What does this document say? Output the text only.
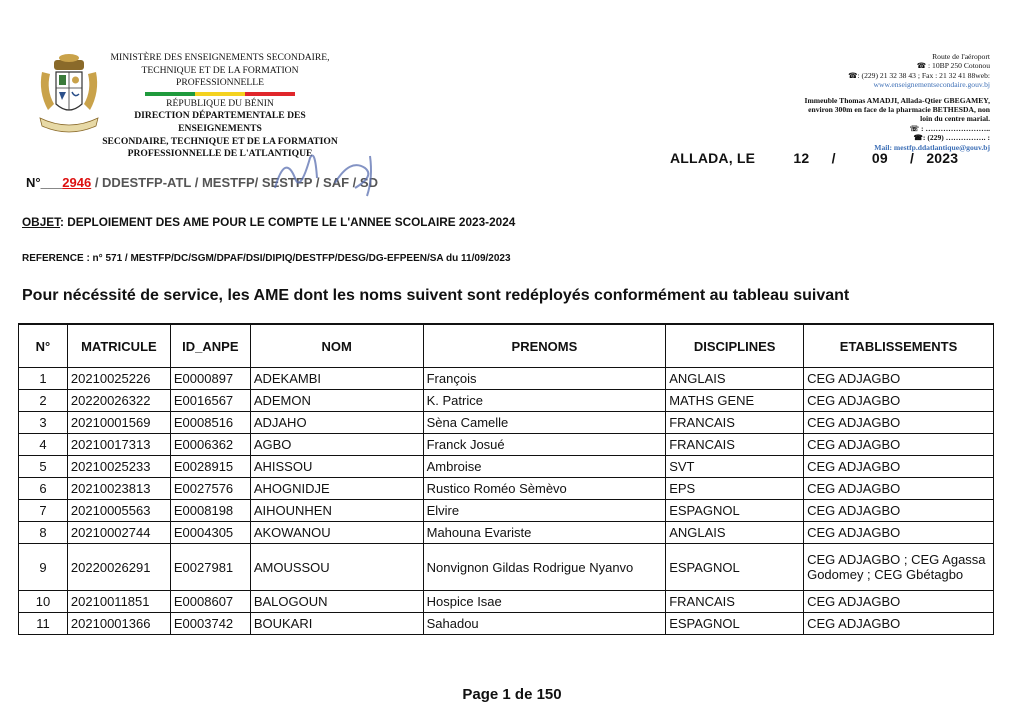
MINISTÈRE DES ENSEIGNEMENTS SECONDAIRE,
TECHNIQUE ET DE LA FORMATION PROFESSIONNELLE
RÉPUBLIQUE DU BÉNIN
DIRECTION DÉPARTEMENTALE DES ENSEIGNEMENTS
SECONDAIRE, TECHNIQUE ET DE LA FORMATION
PROFESSIONNELLE DE L'ATLANTIQUE
Route de l'aéroport
☎ : 10BP 250 Cotonou
☎: (229) 21 32 38 43 ; Fax : 21 32 41 88web:
www.enseignementsecondaire.gouv.bj
Immeuble Thomas AMADJI, Allada-Qtier GBEGAMEY,
environ 300m en face de la pharmacie BETHESDA, non
loin du centre marial.
☏ : ……………………..
☎: (229) ……………. :
Mail: mestfp.ddatlantique@gouv.bj
ALLADA, LE	12 /	09 / 2023
N°___2946 / DDESTFP-ATL / MESTFP/ SESTFP / SAF / SD
OBJET: DEPLOIEMENT DES AME POUR LE COMPTE LE L'ANNEE SCOLAIRE 2023-2024
REFERENCE : n° 571 / MESTFP/DC/SGM/DPAF/DSI/DIPIQ/DESTFP/DESG/DG-EFPEEN/SA du 11/09/2023
Pour nécéssité de service, les AME dont les noms suivent sont redéployés conformément au tableau suivant
N°	MATRICULE	ID_ANPE	NOM	PRENOMS	DISCIPLINES	ETABLISSEMENTS
1	20210025226	E0000897	ADEKAMBI	François	ANGLAIS	CEG ADJAGBO
2	20220026322	E0016567	ADEMON	K. Patrice	MATHS GENE	CEG ADJAGBO
3	20210001569	E0008516	ADJAHO	Sèna Camelle	FRANCAIS	CEG ADJAGBO
4	20210017313	E0006362	AGBO	Franck Josué	FRANCAIS	CEG ADJAGBO
5	20210025233	E0028915	AHISSOU	Ambroise	SVT	CEG ADJAGBO
6	20210023813	E0027576	AHOGNIDJE	Rustico Roméo Sèmèvo	EPS	CEG ADJAGBO
7	20210005563	E0008198	AIHOUNHEN	Elvire	ESPAGNOL	CEG ADJAGBO
8	20210002744	E0004305	AKOWANOU	Mahouna Evariste	ANGLAIS	CEG ADJAGBO
9	20220026291	E0027981	AMOUSSOU	Nonvignon Gildas Rodrigue Nyanvo	ESPAGNOL	CEG ADJAGBO ; CEG Agassa Godomey ; CEG Gbétagbo
10	20210011851	E0008607	BALOGOUN	Hospice Isae	FRANCAIS	CEG ADJAGBO
11	20210001366	E0003742	BOUKARI	Sahadou	ESPAGNOL	CEG ADJAGBO
Page 1 de 150
